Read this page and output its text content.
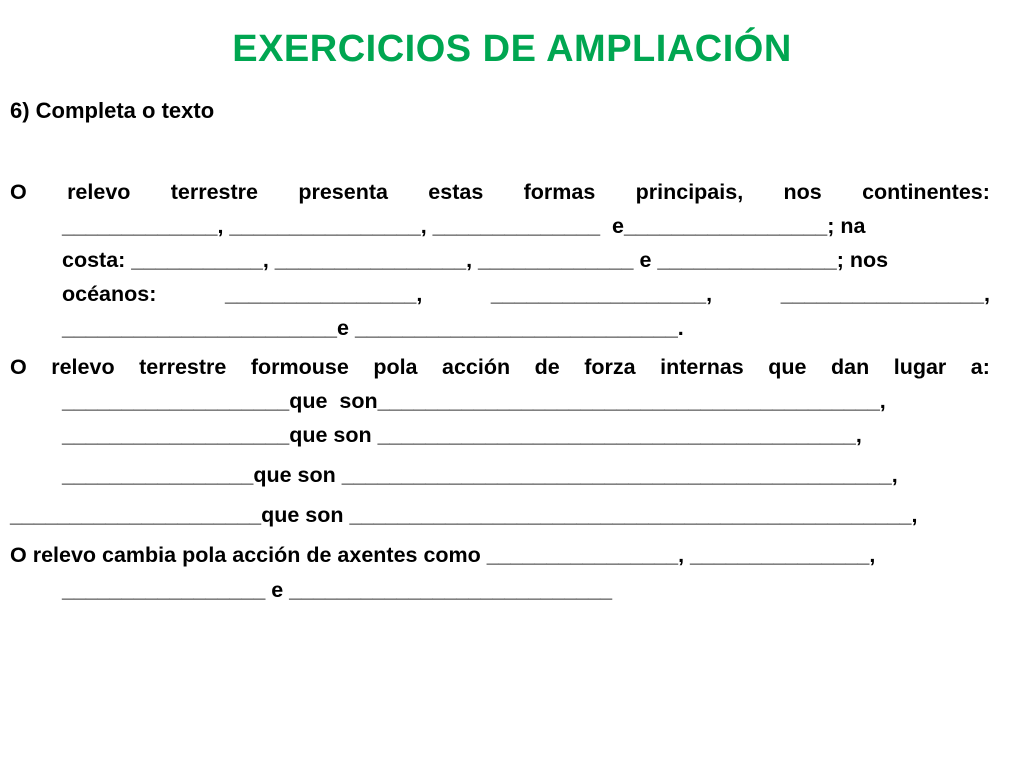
EXERCICIOS DE AMPLIACIÓN
6) Completa o texto
O relevo terrestre presenta estas formas principais, nos continentes:
_____________, ________________, ______________  e_________________; na
costa: ___________, ________________, _____________ e _______________; nos
océanos:	________________,	__________________,	_________________,
_______________________e ___________________________.
O relevo terrestre formouse pola acción de forza internas que dan lugar a:
___________________que  son__________________________________________,
___________________que son ________________________________________,
________________que son ______________________________________________,
_____________________que son _______________________________________________,
O relevo cambia pola acción de axentes como ________________, _______________,
_________________ e ___________________________
